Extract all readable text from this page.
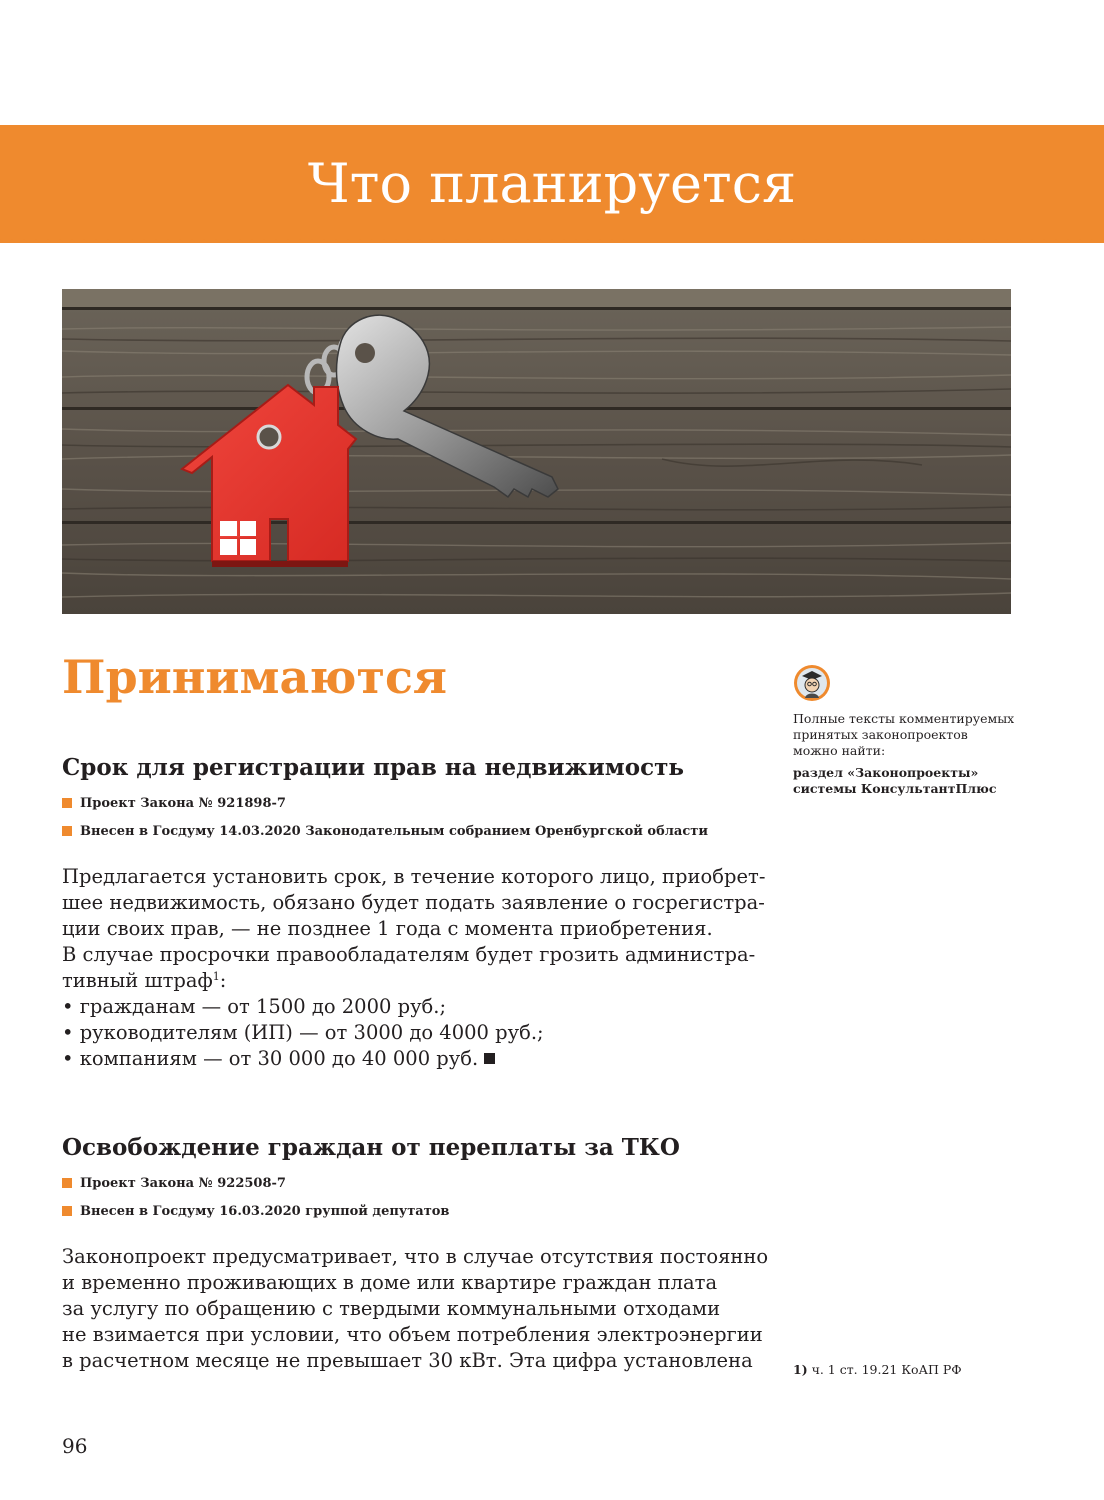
Что планируется
Принимаются
Срок для регистрации прав на недвижимость
Проект Закона № 921898-7
Внесен в Госдуму 14.03.2020 Законодательным собранием Оренбургской области
Предлагается установить срок, в течение которого лицо, приобрет-
шее недвижимость, обязано будет подать заявление о госрегистра-
ции своих прав, — не позднее 1 года с момента приобретения.
В случае просрочки правообладателям будет грозить администра-
тивный штраф$^1$:
• гражданам — от 1500 до 2000 руб.;
• руководителям (ИП) — от 3000 до 4000 руб.;
• компаниям — от 30 000 до 40 000 руб.
Освобождение граждан от переплаты за ТКО
Проект Закона № 922508-7
Внесен в Госдуму 16.03.2020 группой депутатов
Законопроект предусматривает, что в случае отсутствия постоянно
и временно проживающих в доме или квартире граждан плата
за услугу по обращению с твердыми коммунальными отходами
не взимается при условии, что объем потребления электроэнергии
в расчетном месяце не превышает 30 кВт. Эта цифра установлена
Полные тексты комментируемых
принятых законопроектов
можно найти:
раздел «Законопроекты»
системы КонсультантПлюс
1) ч. 1 ст. 19.21 КоАП РФ
96
